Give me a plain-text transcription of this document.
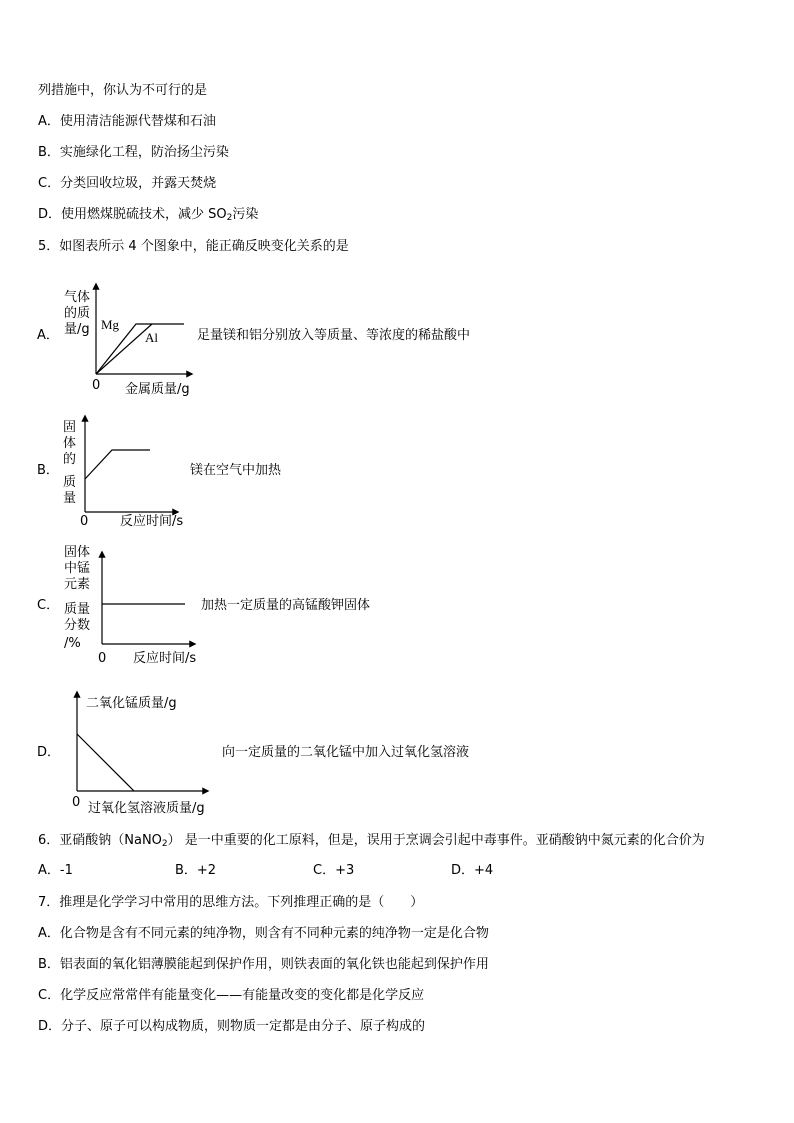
列措施中，你认为不可行的是
A．使用清洁能源代替煤和石油
B．实施绿化工程，防治扬尘污染
C．分类回收垃圾，并露天焚烧
D．使用燃煤脱硫技术，减少 $SO_2$污染
5．如图表所示 4 个图象中，能正确反映变化关系的是
A．
气体
的质
量/g Mg
Al
0 金属质量/g
足量镁和铝分别放入等质量、等浓度的稀盐酸中
B．
固
体
的
质
量
0 反应时间/s
镁在空气中加热
C．
固体
中锰
元素
质量
分数
/%
0 反应时间/s
加热一定质量的高锰酸钾固体
D．
二氧化锰质量/g
0 过氧化氢溶液质量/g
向一定质量的二氧化锰中加入过氧化氢溶液
6．亚硝酸钠（NaNO$_2$） 是一中重要的化工原料，但是，误用于烹调会引起中毒事件。亚硝酸钠中氮元素的化合价为
A．-1	B．+2	C．+3	D．+4
7．推理是化学学习中常用的思维方法。下列推理正确的是（　　）
A．化合物是含有不同元素的纯净物，则含有不同种元素的纯净物一定是化合物
B．铝表面的氧化铝薄膜能起到保护作用，则铁表面的氧化铁也能起到保护作用
C．化学反应常常伴有能量变化——有能量改变的变化都是化学反应
D．分子、原子可以构成物质，则物质一定都是由分子、原子构成的
